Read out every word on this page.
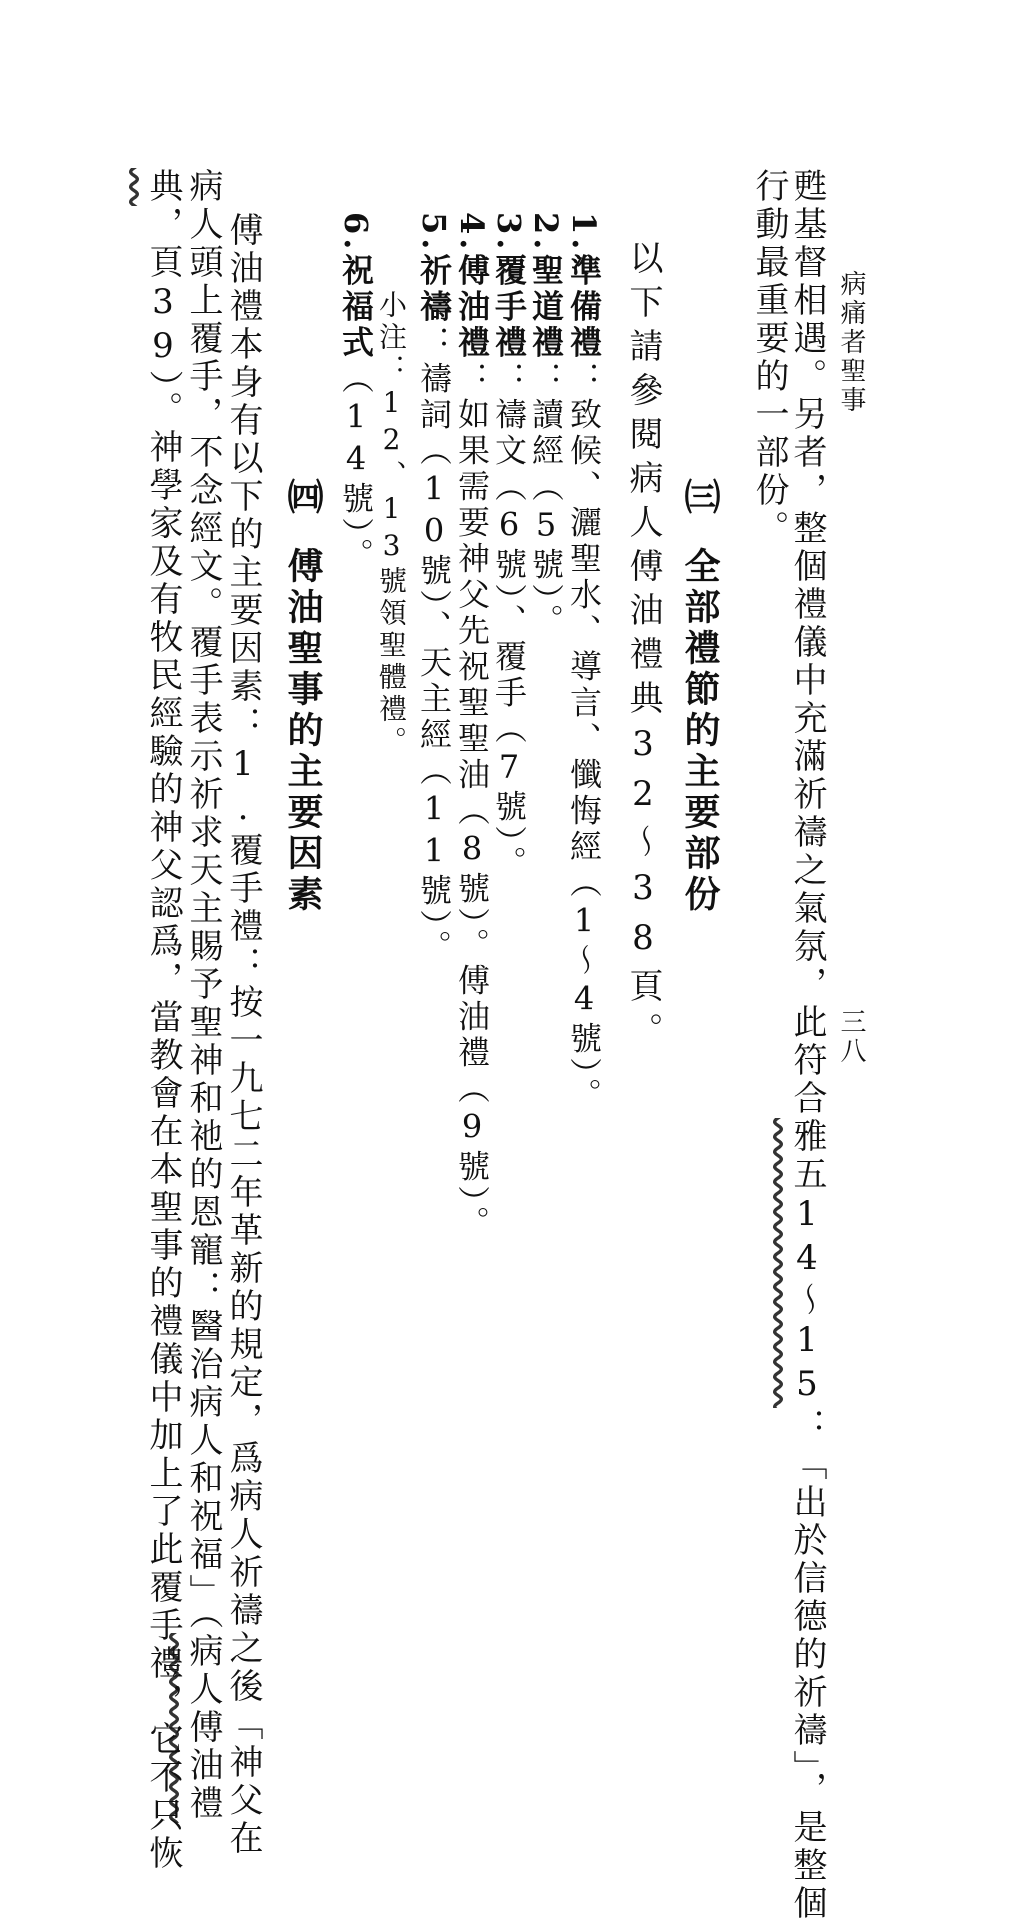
病痛者聖事
三八
甦基督相遇。另者，整個禮儀中充滿祈禱之氣氛，此符合雅五14～15：「出於信德的祈禱」，是整個
行動最重要的一部份。
㈢全部禮節的主要部份
以下請參閱病人傅油禮典32～38頁。
1.準備禮：致候、灑聖水、導言、懺悔經（1～4號）。
2.聖道禮：讀經（5號）。
3.覆手禮：禱文（6號）、覆手（7號）。
4.傅油禮：如果需要神父先祝聖聖油（8號）。傅油禮（9號）。
5.祈禱：禱詞（10號）、天主經（11號）。
小注：12、13號領聖體禮。
6.祝福式（14號）。
㈣傅油聖事的主要因素
傅油禮本身有以下的主要因素：1.覆手禮：按一九七二年革新的規定，爲病人祈禱之後「神父在
病人頭上覆手，不念經文。覆手表示祈求天主賜予聖神和祂的恩寵：醫治病人和祝福」（病人傅油禮
典，頁39）。神學家及有牧民經驗的神父認爲，當教會在本聖事的禮儀中加上了此覆手禮，它不只恢
